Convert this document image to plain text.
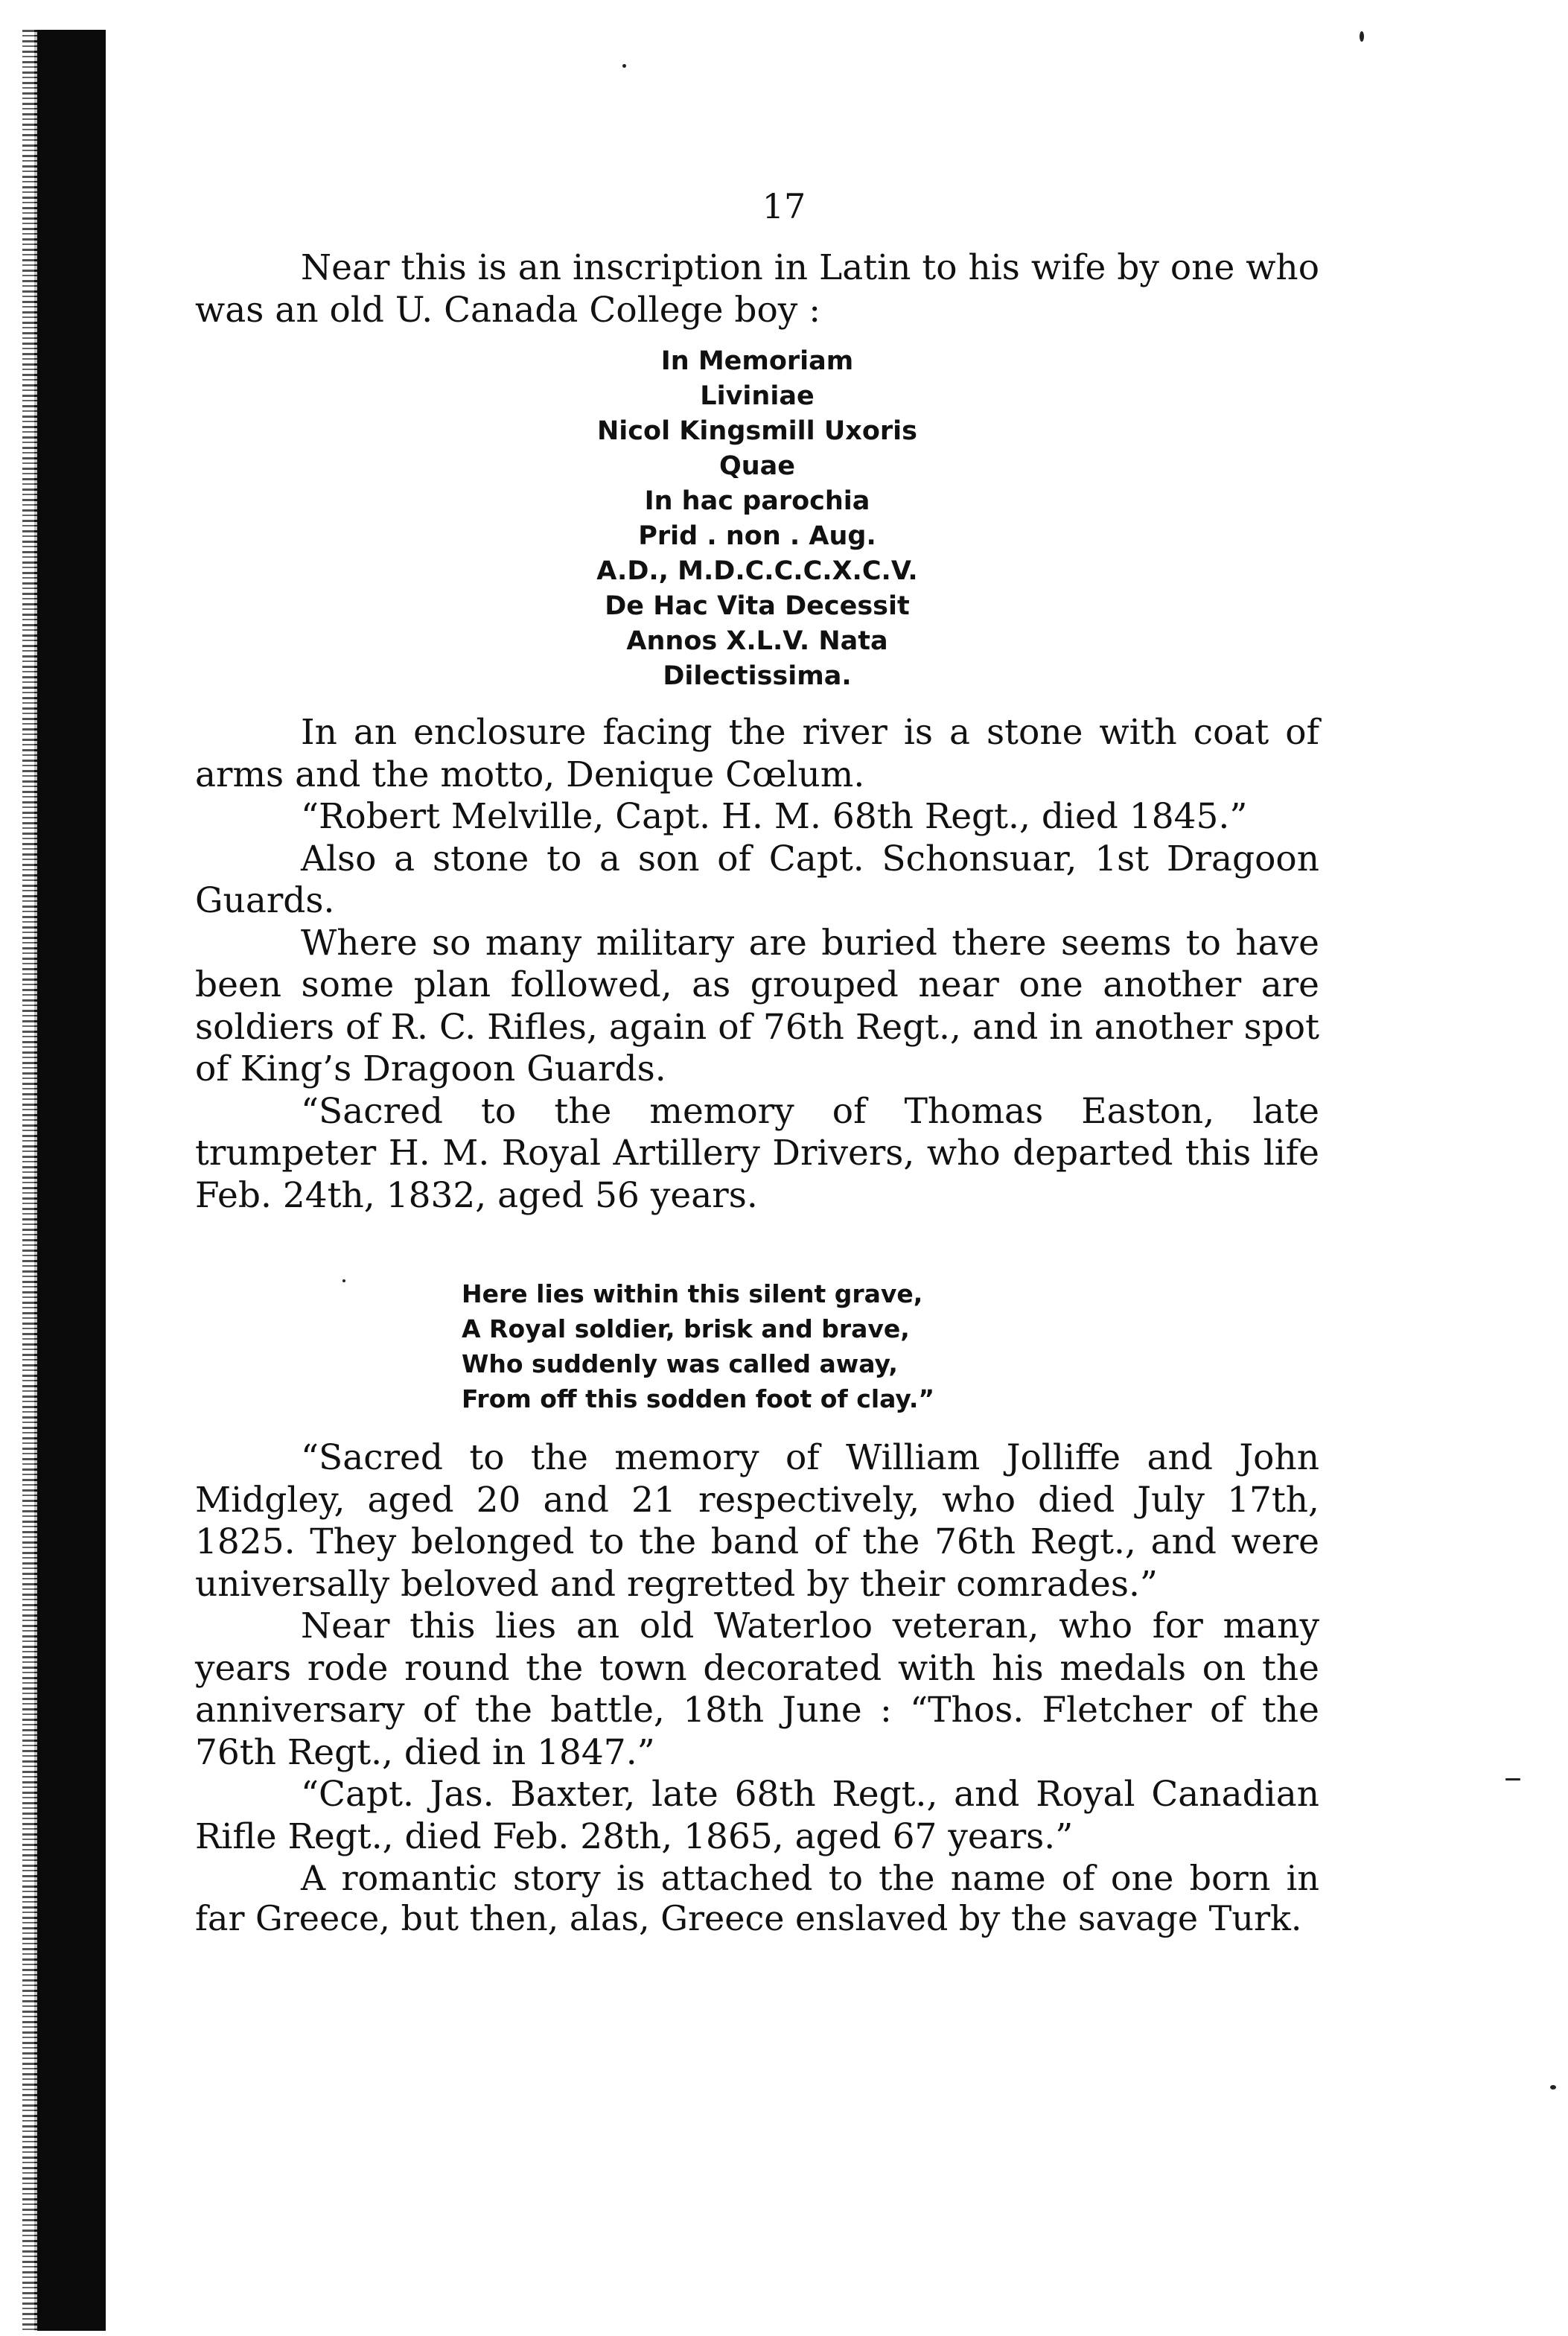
17

Near this is an inscription in Latin to his wife by one who was an old U. Canada College boy :

In Memoriam
Liviniae
Nicol Kingsmill Uxoris
Quae
In hac parochia
Prid . non . Aug.
A.D., M.D.C.C.C.X.C.V.
De Hac Vita Decessit
Annos X.L.V. Nata
Dilectissima.

In an enclosure facing the river is a stone with coat of arms and the motto, Denique Cœlum.

“Robert Melville, Capt. H. M. 68th Regt., died 1845.”

Also a stone to a son of Capt. Schonsuar, 1st Dragoon Guards.

Where so many military are buried there seems to have been some plan followed, as grouped near one another are soldiers of R. C. Rifles, again of 76th Regt., and in another spot of King’s Dragoon Guards.

“Sacred to the memory of Thomas Easton, late trumpeter H. M. Royal Artillery Drivers, who departed this life Feb. 24th, 1832, aged 56 years.

Here lies within this silent grave,
A Royal soldier, brisk and brave,
Who suddenly was called away,
From off this sodden foot of clay.”

“Sacred to the memory of William Jolliffe and John Midgley, aged 20 and 21 respectively, who died July 17th, 1825. They belonged to the band of the 76th Regt., and were universally beloved and regretted by their comrades.”

Near this lies an old Waterloo veteran, who for many years rode round the town decorated with his medals on the anniversary of the battle, 18th June : “Thos. Fletcher of the 76th Regt., died in 1847.”

“Capt. Jas. Baxter, late 68th Regt., and Royal Canadian Rifle Regt., died Feb. 28th, 1865, aged 67 years.”

A romantic story is attached to the name of one born in far Greece, but then, alas, Greece enslaved by the savage Turk.
